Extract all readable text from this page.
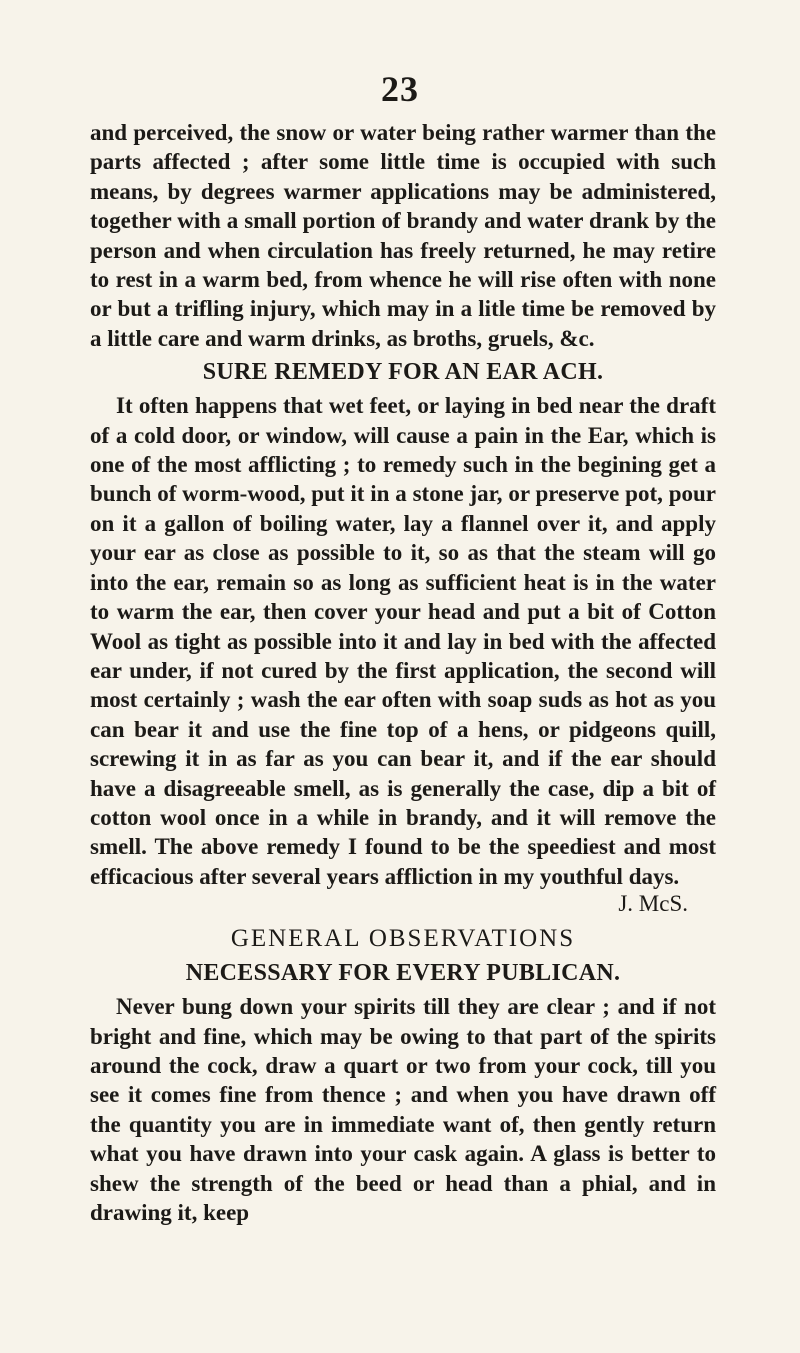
23

and perceived, the snow or water being rather warmer than the parts affected ; after some little time is occupied with such means, by degrees warmer applications may be administered, together with a small portion of brandy and water drank by the person and when circulation has freely returned, he may retire to rest in a warm bed, from whence he will rise often with none or but a trifling injury, which may in a litle time be removed by a little care and warm drinks, as broths, gruels, &c.

SURE REMEDY FOR AN EAR ACH.

It often happens that wet feet, or laying in bed near the draft of a cold door, or window, will cause a pain in the Ear, which is one of the most afflicting ; to remedy such in the begining get a bunch of worm-wood, put it in a stone jar, or preserve pot, pour on it a gallon of boiling water, lay a flannel over it, and apply your ear as close as possible to it, so as that the steam will go into the ear, remain so as long as sufficient heat is in the water to warm the ear, then cover your head and put a bit of Cotton Wool as tight as possible into it and lay in bed with the affected ear under, if not cured by the first application, the second will most certainly ; wash the ear often with soap suds as hot as you can bear it and use the fine top of a hens, or pidgeons quill, screwing it in as far as you can bear it, and if the ear should have a disagreeable smell, as is generally the case, dip a bit of cotton wool once in a while in brandy, and it will remove the smell. The above remedy I found to be the speediest and most efficacious after several years affliction in my youthful days.

J. McS.
GENERAL OBSERVATIONS
NECESSARY FOR EVERY PUBLICAN.

Never bung down your spirits till they are clear ; and if not bright and fine, which may be owing to that part of the spirits around the cock, draw a quart or two from your cock, till you see it comes fine from thence ; and when you have drawn off the quantity you are in immediate want of, then gently return what you have drawn into your cask again. A glass is better to shew the strength of the beed or head than a phial, and in drawing it, keep
